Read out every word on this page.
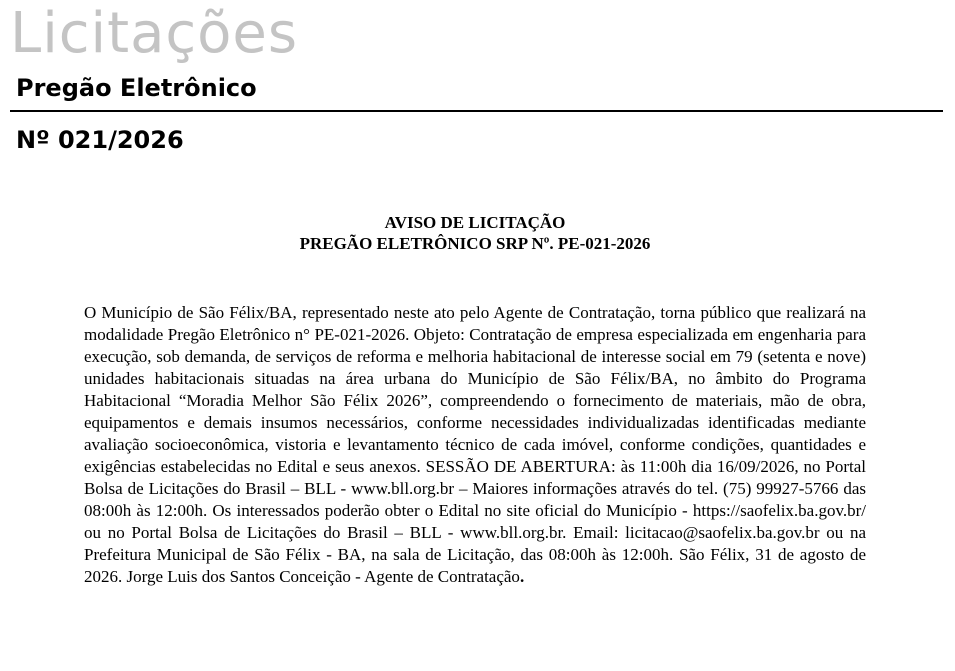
Licitações
Pregão Eletrônico
Nº 021/2026
AVISO DE LICITAÇÃO
PREGÃO ELETRÔNICO SRP Nº. PE-021-2026

O Município de São Félix/BA, representado neste ato pelo Agente de Contratação, torna público que realizará na modalidade Pregão Eletrônico n° PE-021-2026. Objeto: Contratação de empresa especializada em engenharia para execução, sob demanda, de serviços de reforma e melhoria habitacional de interesse social em 79 (setenta e nove) unidades habitacionais situadas na área urbana do Município de São Félix/BA, no âmbito do Programa Habitacional “Moradia Melhor São Félix 2026”, compreendendo o fornecimento de materiais, mão de obra, equipamentos e demais insumos necessários, conforme necessidades individualizadas identificadas mediante avaliação socioeconômica, vistoria e levantamento técnico de cada imóvel, conforme condições, quantidades e exigências estabelecidas no Edital e seus anexos. SESSÃO DE ABERTURA: às 11:00h dia 16/09/2026, no Portal Bolsa de Licitações do Brasil – BLL - www.bll.org.br – Maiores informações através do tel. (75) 99927-5766 das 08:00h às 12:00h. Os interessados poderão obter o Edital no site oficial do Município - https://saofelix.ba.gov.br/ ou no Portal Bolsa de Licitações do Brasil – BLL - www.bll.org.br. Email: licitacao@saofelix.ba.gov.br ou na Prefeitura Municipal de São Félix - BA, na sala de Licitação, das 08:00h às 12:00h. São Félix, 31 de agosto de 2026. Jorge Luis dos Santos Conceição - Agente de Contratação.
